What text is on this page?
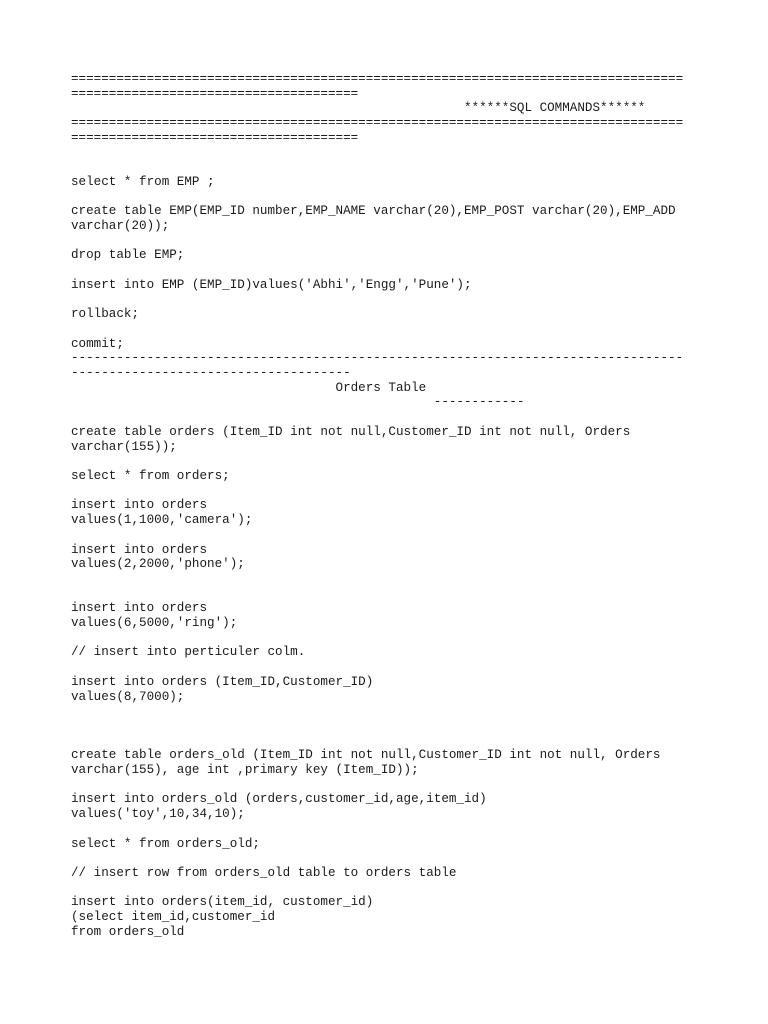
=================================================================================
======================================
******SQL COMMANDS******
=================================================================================
======================================

select * from EMP ;

create table EMP(EMP_ID number,EMP_NAME varchar(20),EMP_POST varchar(20),EMP_ADD
varchar(20));

drop table EMP;

insert into EMP (EMP_ID)values('Abhi','Engg','Pune');

rollback;

commit;
---------------------------------------------------------------------------------
-------------------------------------
Orders Table
------------

create table orders (Item_ID int not null,Customer_ID int not null, Orders
varchar(155));

select * from orders;

insert into orders
values(1,1000,'camera');

insert into orders
values(2,2000,'phone');

insert into orders
values(6,5000,'ring');

// insert into perticuler colm.

insert into orders (Item_ID,Customer_ID)
values(8,7000);

create table orders_old (Item_ID int not null,Customer_ID int not null, Orders
varchar(155), age int ,primary key (Item_ID));

insert into orders_old (orders,customer_id,age,item_id)
values('toy',10,34,10);

select * from orders_old;

// insert row from orders_old table to orders table

insert into orders(item_id, customer_id)
(select item_id,customer_id
from orders_old
